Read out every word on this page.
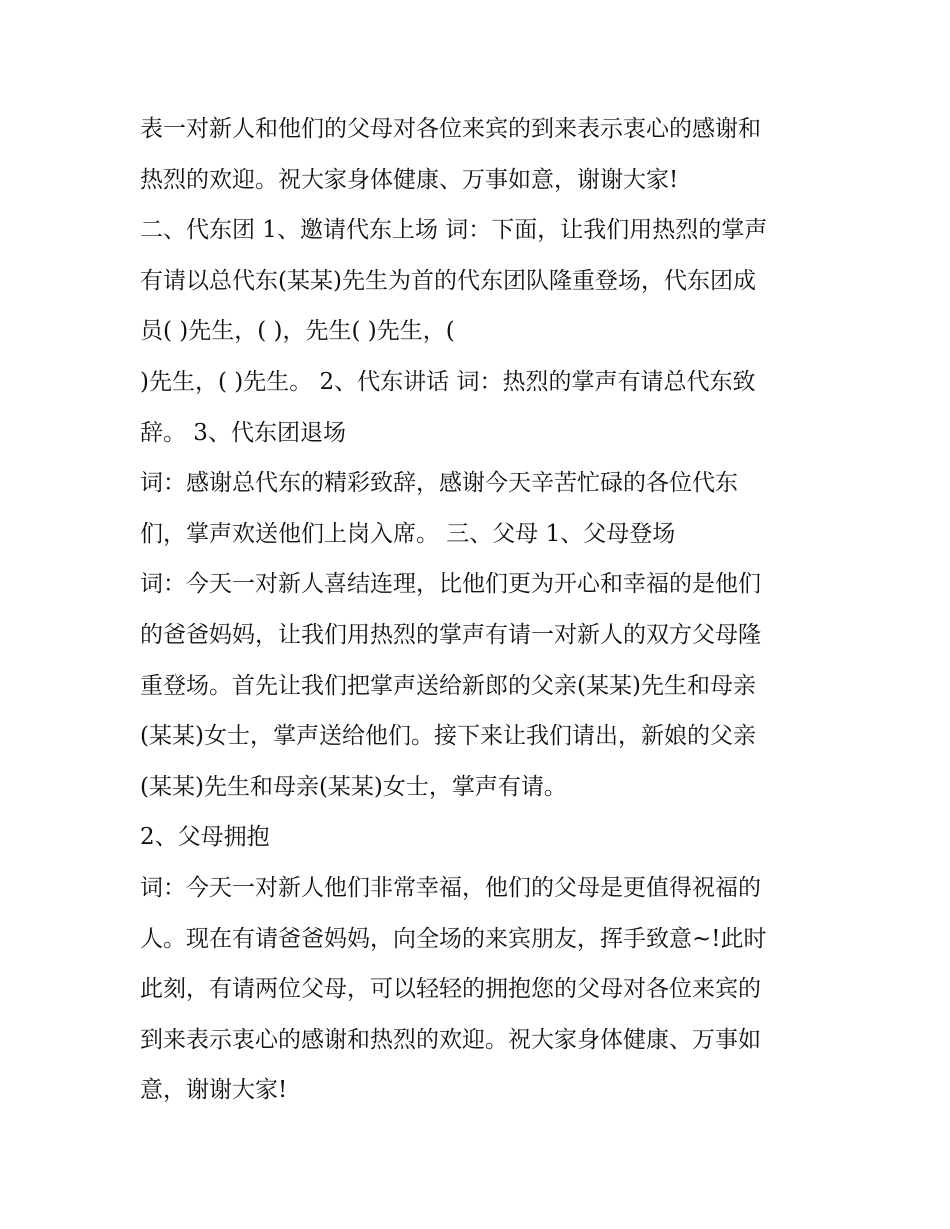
表一对新人和他们的父母对各位来宾的到来表示衷心的感谢和
热烈的欢迎。祝大家身体健康、万事如意，谢谢大家!
二、代东团 1、邀请代东上场 词：下面，让我们用热烈的掌声
有请以总代东(某某)先生为首的代东团队隆重登场，代东团成
员( )先生，( )，先生( )先生，(
)先生，( )先生。 2、代东讲话 词：热烈的掌声有请总代东致
辞。 3、代东团退场
词：感谢总代东的精彩致辞，感谢今天辛苦忙碌的各位代东
们，掌声欢送他们上岗入席。 三、父母 1、父母登场
词：今天一对新人喜结连理，比他们更为开心和幸福的是他们
的爸爸妈妈，让我们用热烈的掌声有请一对新人的双方父母隆
重登场。首先让我们把掌声送给新郎的父亲(某某)先生和母亲
(某某)女士，掌声送给他们。接下来让我们请出，新娘的父亲
(某某)先生和母亲(某某)女士，掌声有请。
2、父母拥抱
词：今天一对新人他们非常幸福，他们的父母是更值得祝福的
人。现在有请爸爸妈妈，向全场的来宾朋友，挥手致意~!此时
此刻，有请两位父母，可以轻轻的拥抱您的父母对各位来宾的
到来表示衷心的感谢和热烈的欢迎。祝大家身体健康、万事如
意，谢谢大家!
